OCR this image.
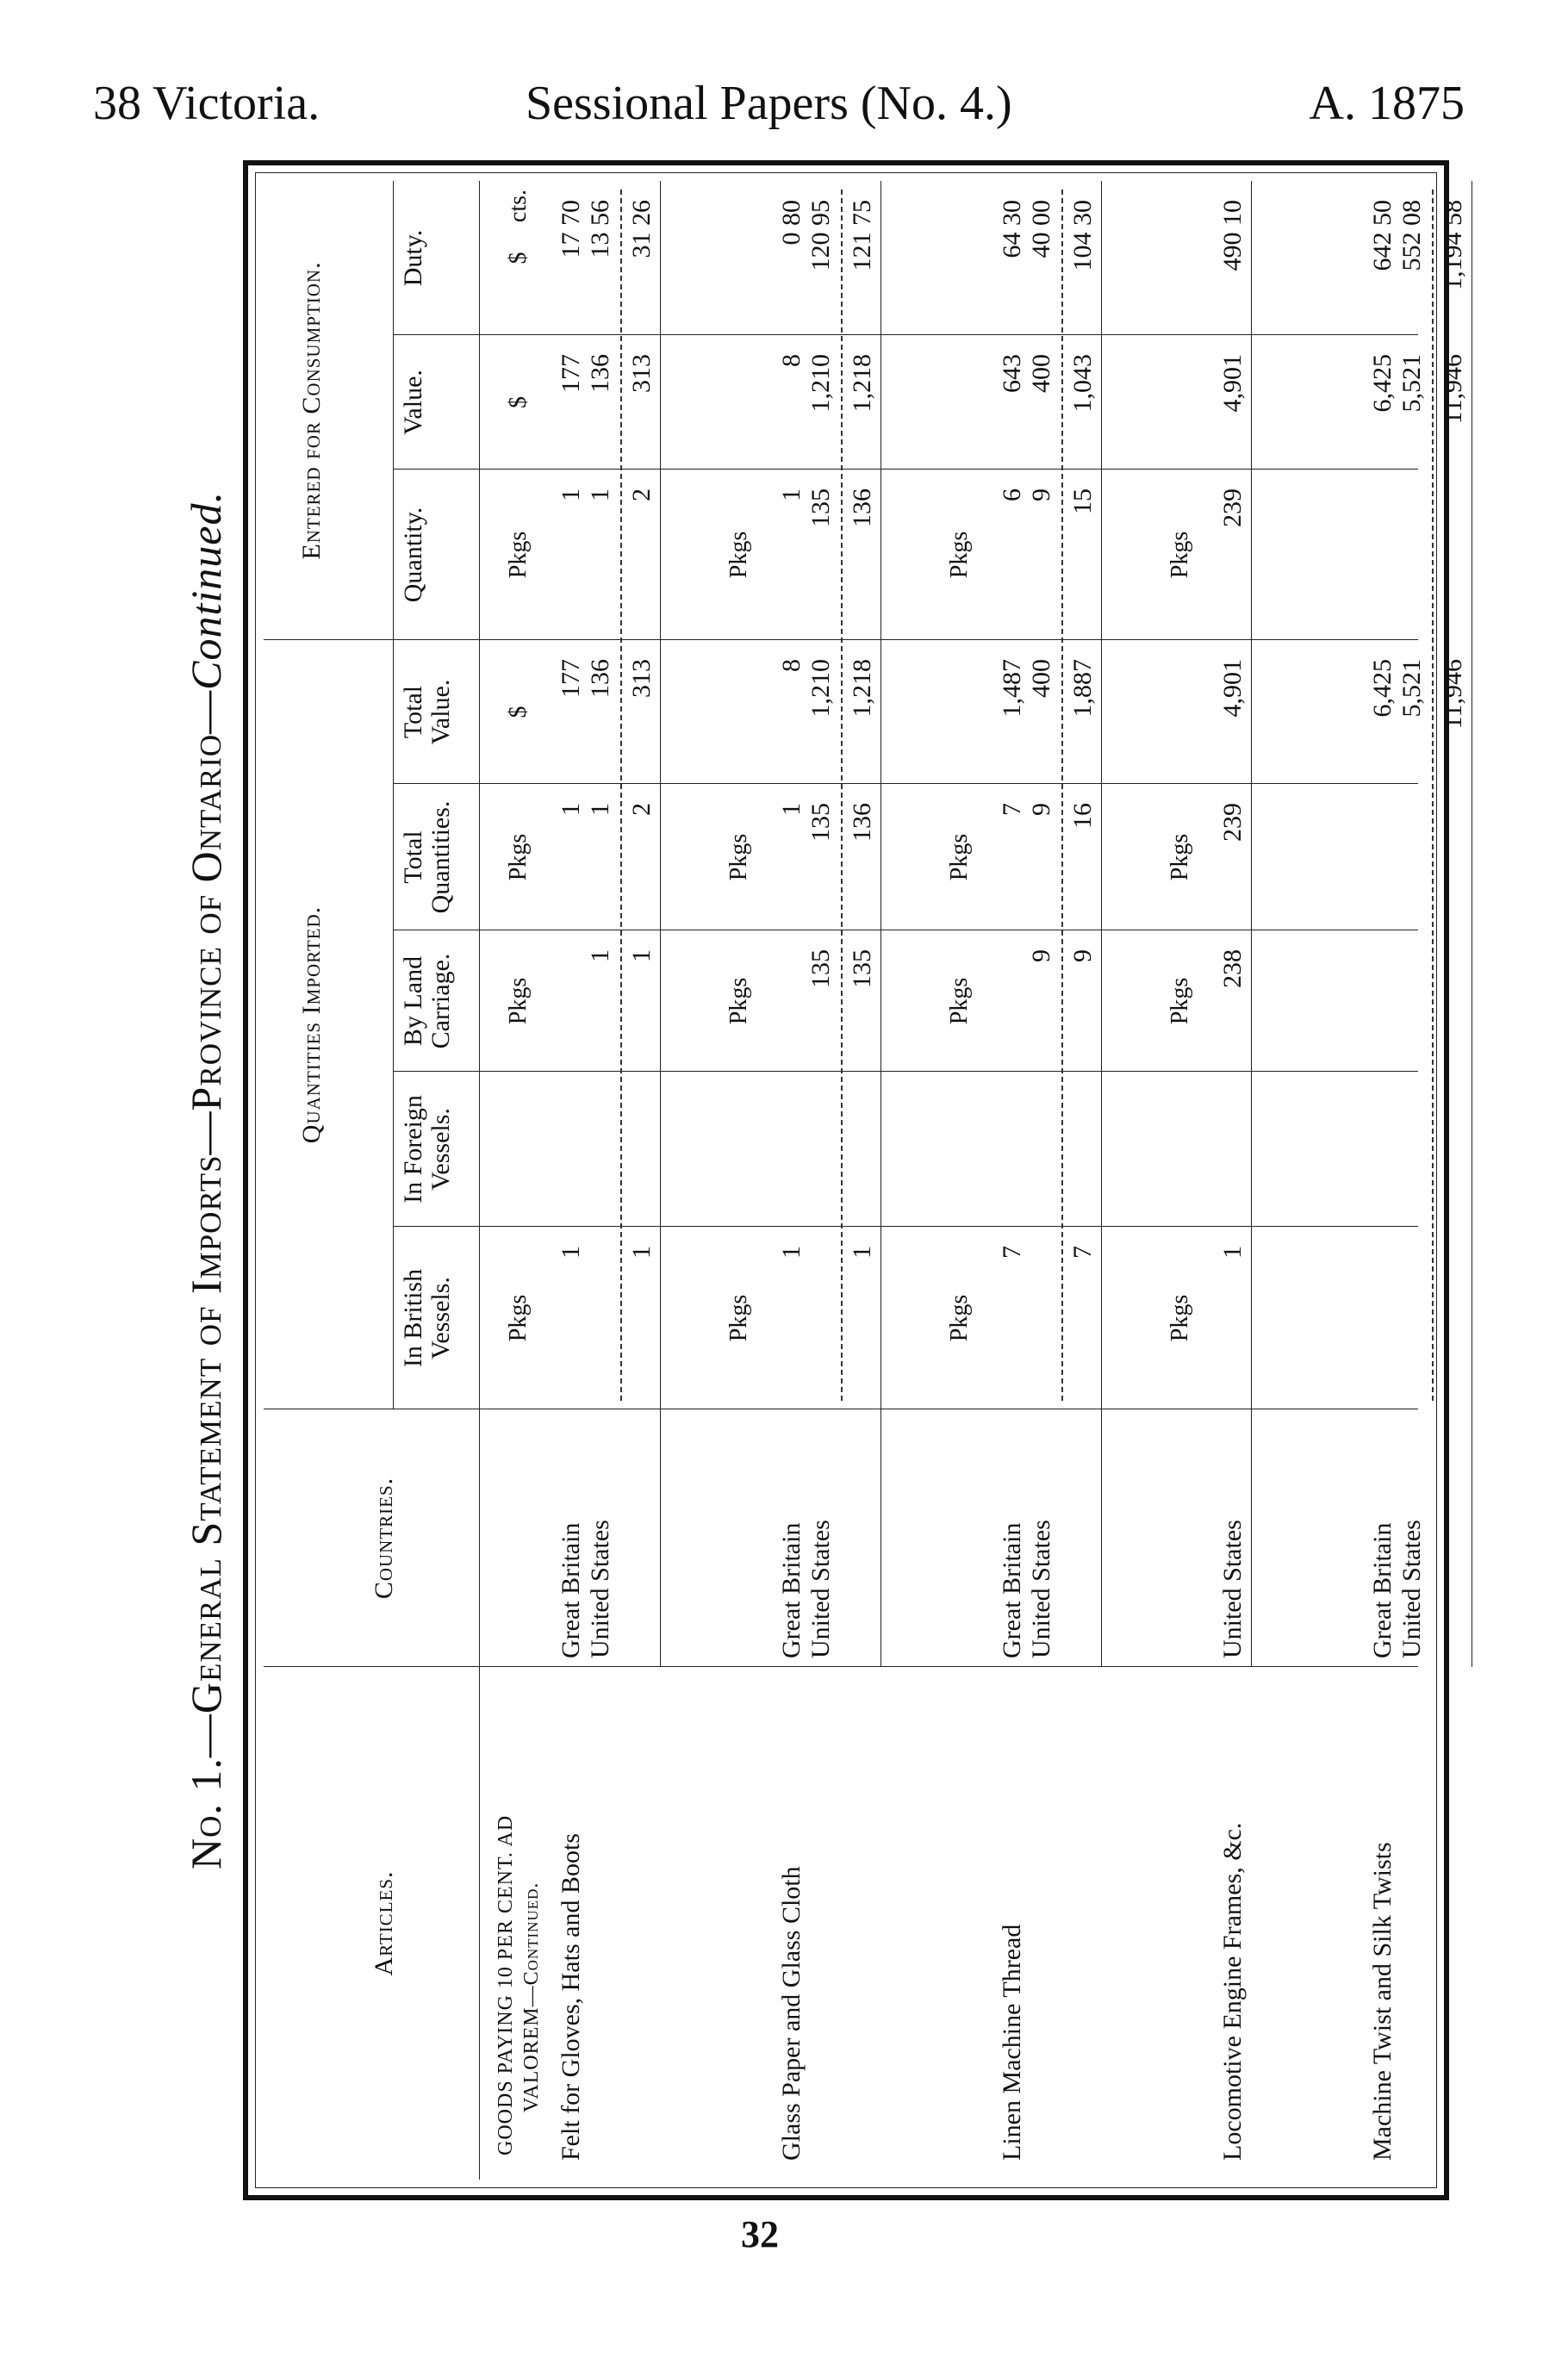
38 Victoria.	Sessional Papers (No. 4.)	A. 1875
32
No. 1.—General Statement of Imports—Province of Ontario—Continued.
Articles.
Countries.
Quantities Imported.
Entered for Consumption.
In British Vessels.
In Foreign Vessels.
By Land Carriage.
Total Quantities.
Total Value.
Quantity.
Value.
Duty.
GOODS PAYING 10 PER CENT. AD VALOREM—Continued.
Pkgs
Pkgs
Pkgs
$
Pkgs
$
$
cts.
Felt for Gloves, Hats and Boots
Great Britain
1
1
177
1
177
17 70
United States
1
1
136
1
136
13 56
1
1
2
313
2
313
31 26
Pkgs
Pkgs
Pkgs
Pkgs
Glass Paper and Glass Cloth
Great Britain
1
1
8
1
8
0 80
United States
135
135
1,210
135
1,210
120 95
1
135
136
1,218
136
1,218
121 75
Pkgs
Pkgs
Pkgs
Pkgs
Linen Machine Thread
Great Britain
7
7
1,487
6
643
64 30
United States
9
9
400
9
400
40 00
7
9
16
1,887
15
1,043
104 30
Pkgs
Pkgs
Pkgs
Pkgs
Locomotive Engine Frames, &c.
United States
1
238
239
4,901
239
4,901
490 10
Machine Twist and Silk Twists
Great Britain
6,425
6,425
642 50
United States
5,521
5,521
552 08
11,946
11,946
1,194 58
